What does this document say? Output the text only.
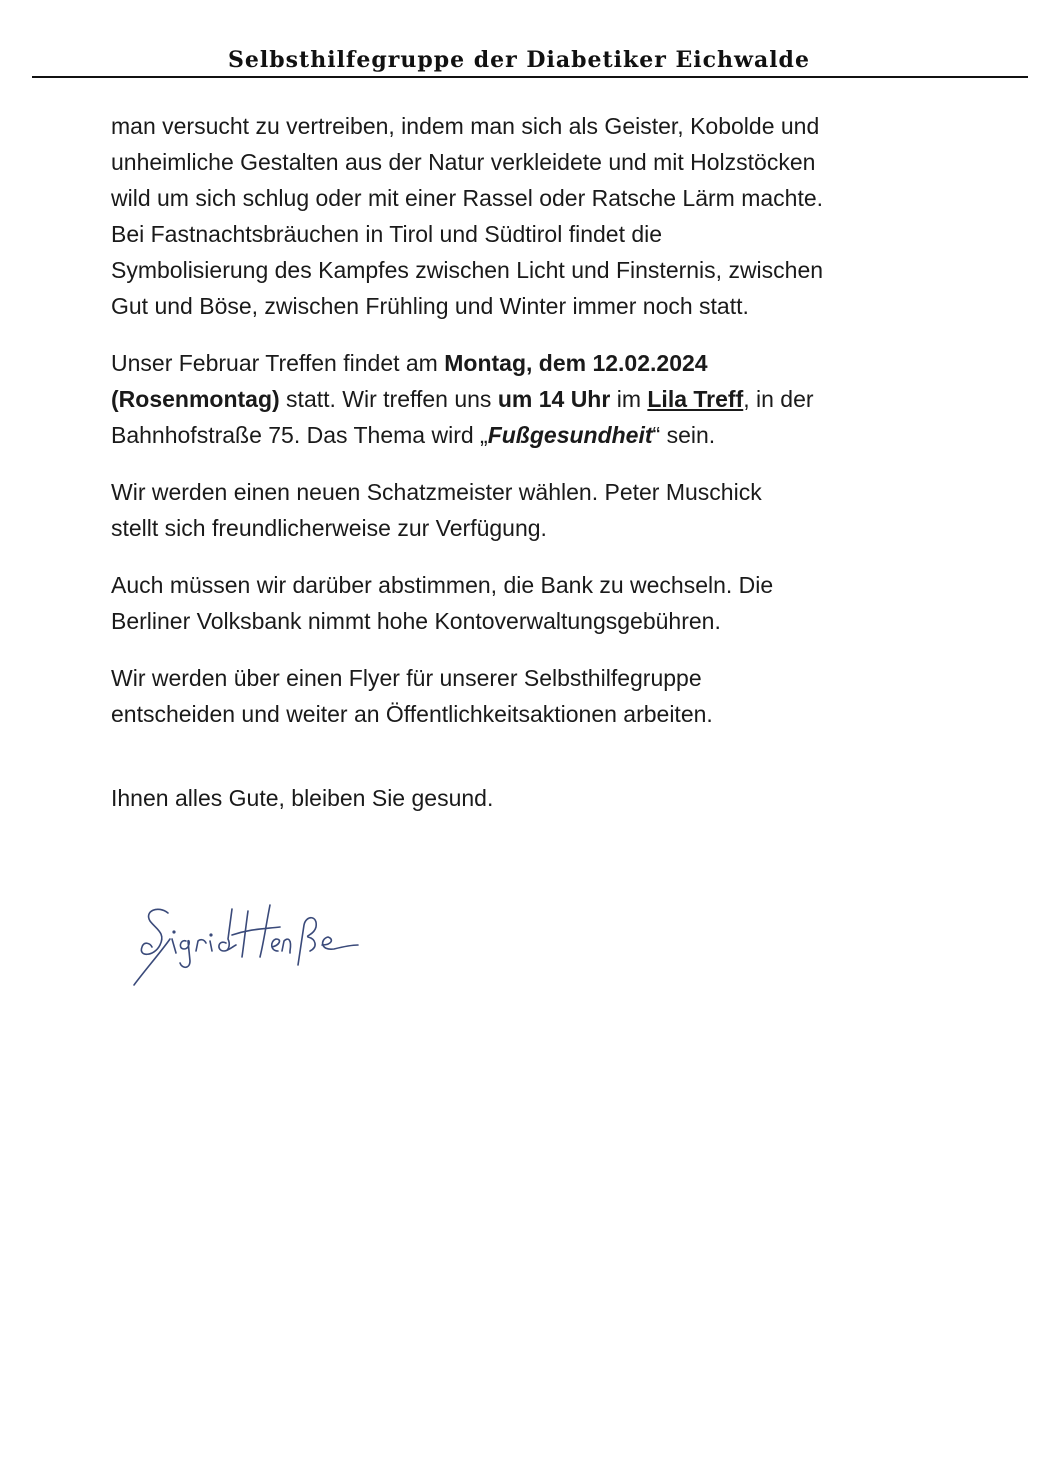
Selbsthilfegruppe der Diabetiker Eichwalde

man versucht zu vertreiben, indem man sich als Geister, Kobolde und
unheimliche Gestalten aus der Natur verkleidete und mit Holzstöcken
wild um sich schlug oder mit einer Rassel oder Ratsche Lärm machte.
Bei Fastnachtsbräuchen in Tirol und Südtirol findet die
Symbolisierung des Kampfes zwischen Licht und Finsternis, zwischen
Gut und Böse, zwischen Frühling und Winter immer noch statt.

Unser Februar Treffen findet am Montag, dem 12.02.2024
(Rosenmontag) statt. Wir treffen uns um 14 Uhr im Lila Treff, in der
Bahnhofstraße 75. Das Thema wird „Fußgesundheit“ sein.

Wir werden einen neuen Schatzmeister wählen. Peter Muschick
stellt sich freundlicherweise zur Verfügung.

Auch müssen wir darüber abstimmen, die Bank zu wechseln. Die
Berliner Volksbank nimmt hohe Kontoverwaltungsgebühren.

Wir werden über einen Flyer für unserer Selbsthilfegruppe
entscheiden und weiter an Öffentlichkeitsaktionen arbeiten.

Ihnen alles Gute, bleiben Sie gesund.
